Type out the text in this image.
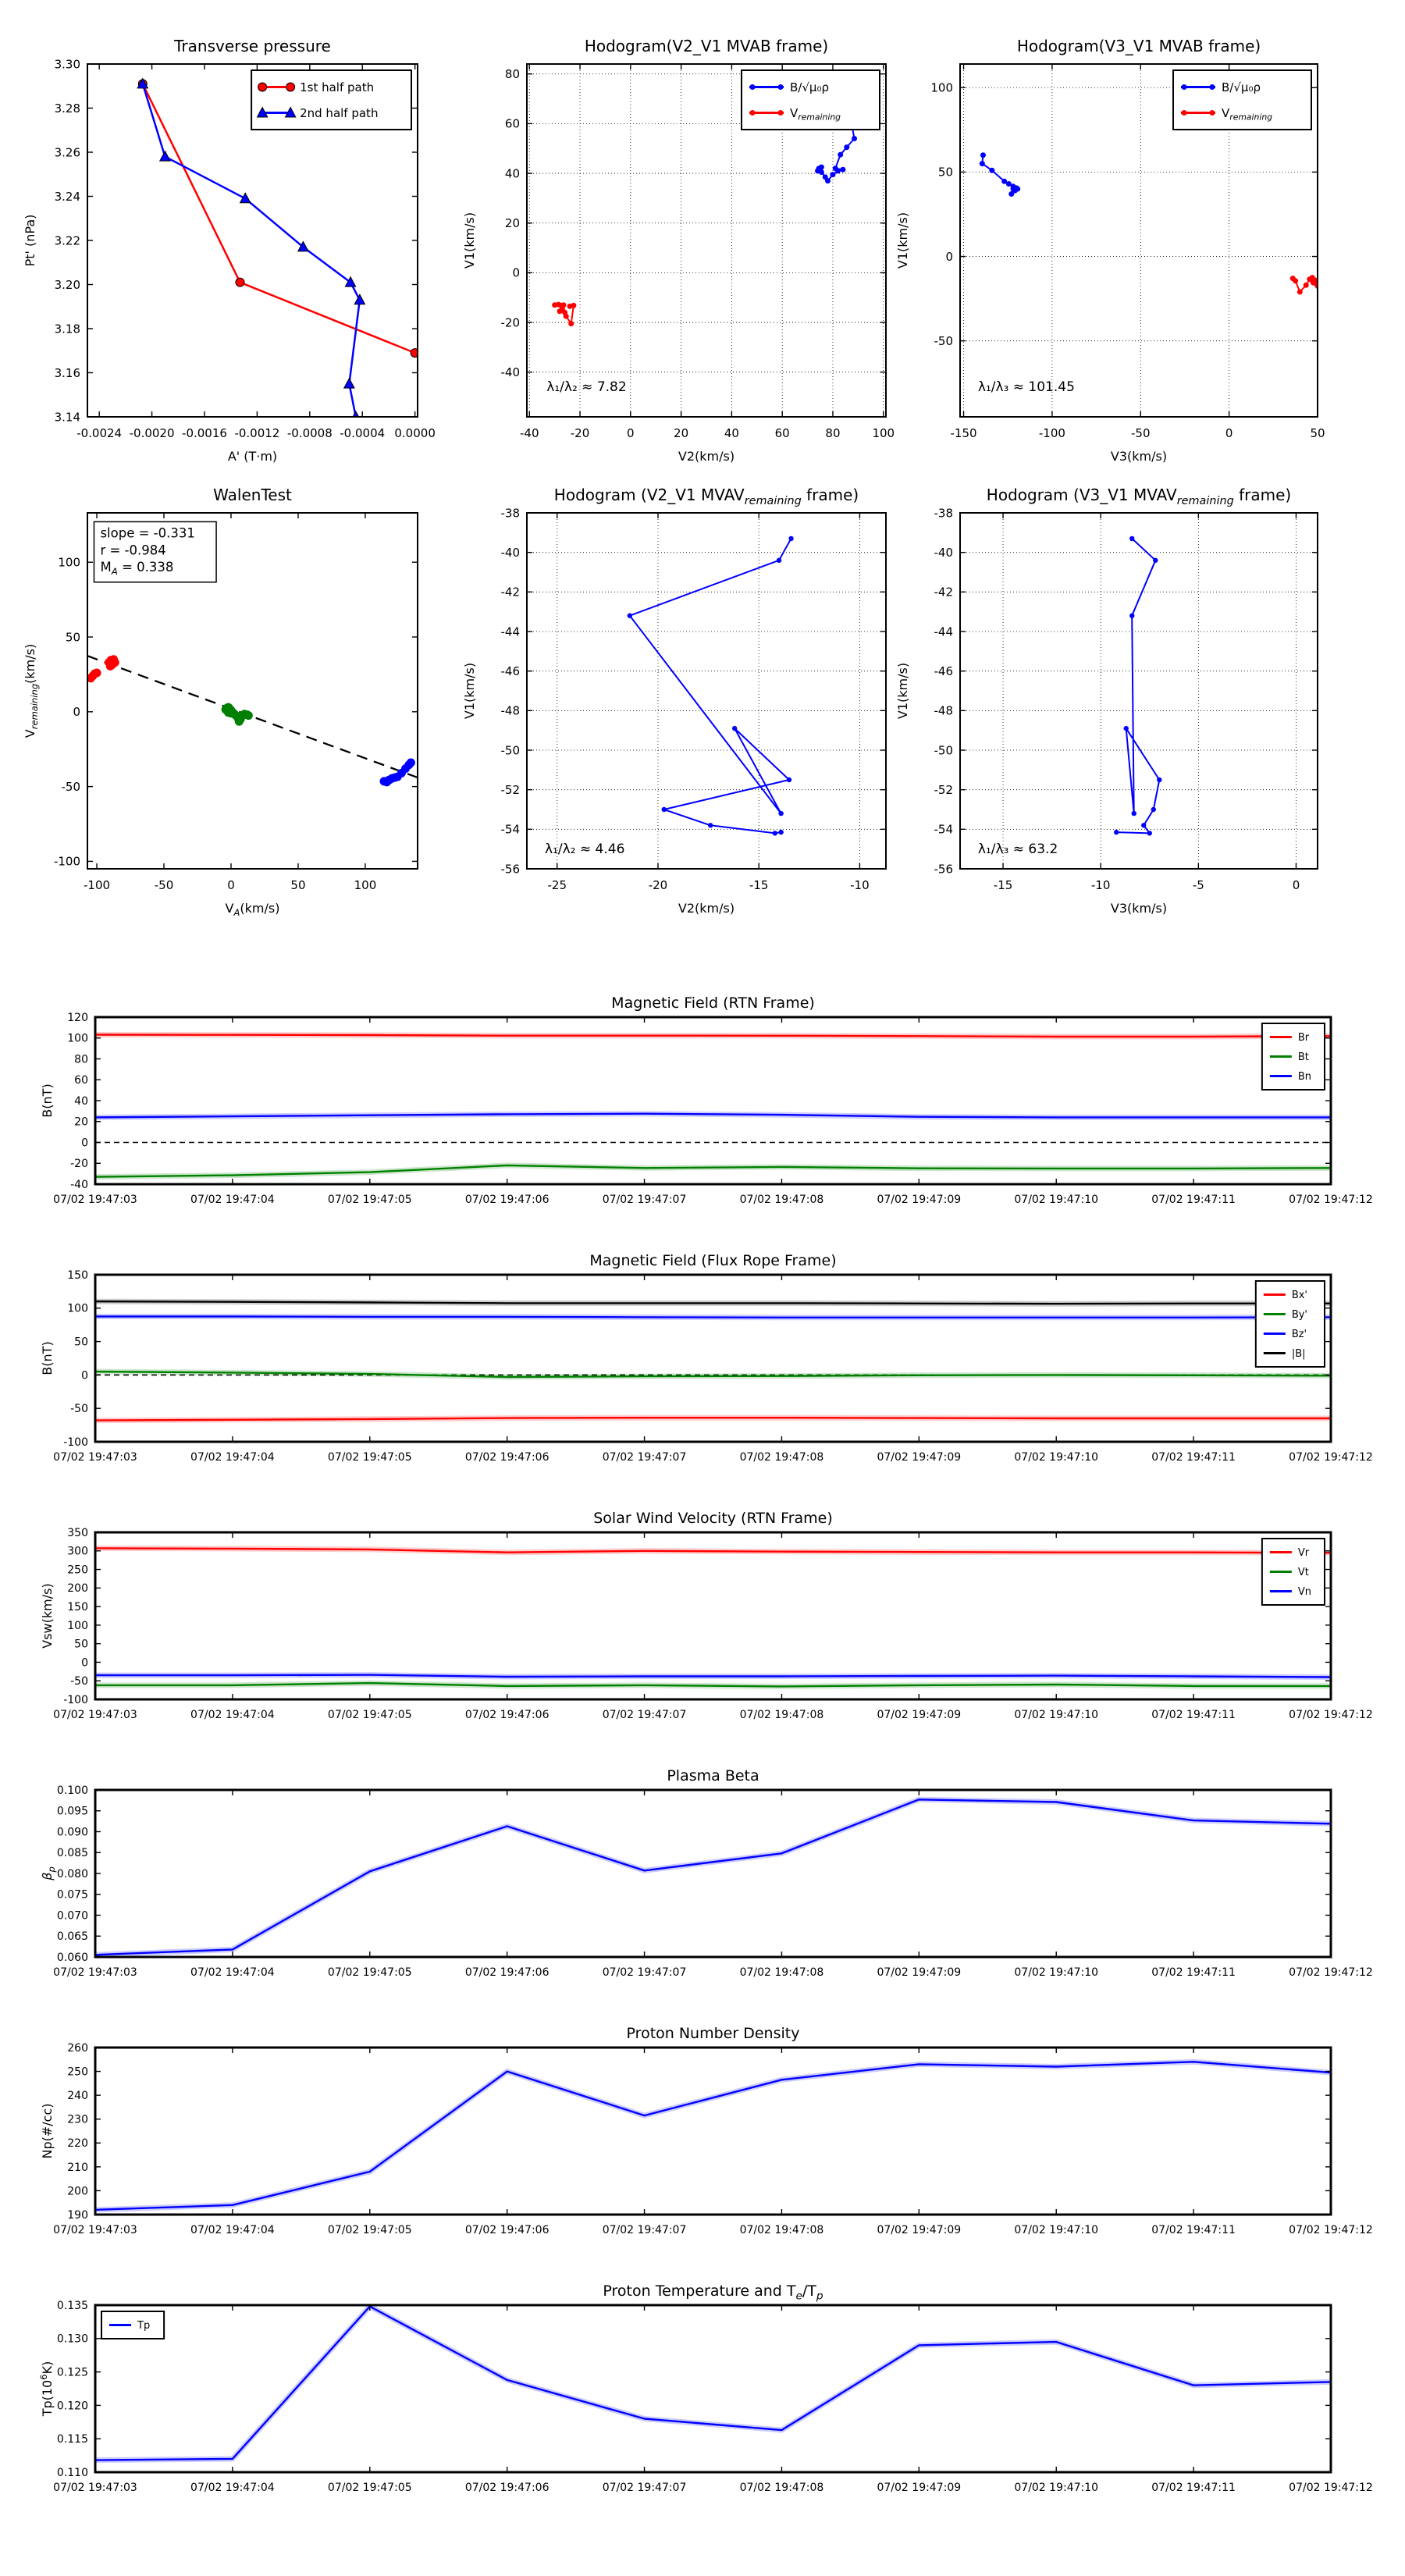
-0.0024 -0.0020 -0.0016 -0.0012 -0.0008 -0.0004 0.0000
3.14
3.16
3.18
3.20
3.22
3.24
3.26
3.28
3.30
Transverse pressure
A' (T·m)
Pt' (nPa)
1st half path
2nd half path
-40	-20	0	20	40	60	80	100
-40
-20
0
20
40
60
80
Hodogram(V2_V1 MVAB frame)
V2(km/s)
V1(km/s)
B/√μ₀ρ
$V_{remaining}$
λ₁/λ₂ ≈ 7.82
-150	-100	-50	0	50
-50
0
50
100
Hodogram(V3_V1 MVAB frame)
V3(km/s)
V1(km/s)
B/√μ₀ρ
$V_{remaining}$
λ₁/λ₃ ≈ 101.45
-100	-50	0	50	100
-100
-50
0
50
100
WalenTest
$V_A(km/s)$
$V_{remaining}(km/s)$
slope = -0.331
r = -0.984
$M_A = 0.338$
-25	-20	-15	-10
-56
-54
-52
-50
-48
-46
-44
-42
-40
-38
Hodogram (V2_V1 $MVAV_{remaining}$ frame)
V2(km/s)
V1(km/s)
λ₁/λ₂ ≈ 4.46
-15	-10	-5	0
-56
-54
-52
-50
-48
-46
-44
-42
-40
-38
Hodogram (V3_V1 $MVAV_{remaining}$ frame)
V3(km/s)
V1(km/s)
λ₁/λ₃ ≈ 63.2
07/02 19:47:03	07/02 19:47:04	07/02 19:47:05	07/02 19:47:06	07/02 19:47:07	07/02 19:47:08	07/02 19:47:09	07/02 19:47:10	07/02 19:47:11	07/02 19:47:12
-40
-20
0
20
40
60
80
100
120
Magnetic Field (RTN Frame)
B(nT)
Br
Bt
Bn
07/02 19:47:03	07/02 19:47:04	07/02 19:47:05	07/02 19:47:06	07/02 19:47:07	07/02 19:47:08	07/02 19:47:09	07/02 19:47:10	07/02 19:47:11	07/02 19:47:12
-100
-50
0
50
100
150
Magnetic Field (Flux Rope Frame)
B(nT)
Bx'
By'
Bz'
|B|
07/02 19:47:03	07/02 19:47:04	07/02 19:47:05	07/02 19:47:06	07/02 19:47:07	07/02 19:47:08	07/02 19:47:09	07/02 19:47:10	07/02 19:47:11	07/02 19:47:12
-100
-50
0
50
100
150
200
250
300
350
Solar Wind Velocity (RTN Frame)
Vsw(km/s)
Vr
Vt
Vn
07/02 19:47:03	07/02 19:47:04	07/02 19:47:05	07/02 19:47:06	07/02 19:47:07	07/02 19:47:08	07/02 19:47:09	07/02 19:47:10	07/02 19:47:11	07/02 19:47:12
0.060
0.065
0.070
0.075
0.080
0.085
0.090
0.095
0.100
Plasma Beta
$\beta_p$
07/02 19:47:03	07/02 19:47:04	07/02 19:47:05	07/02 19:47:06	07/02 19:47:07	07/02 19:47:08	07/02 19:47:09	07/02 19:47:10	07/02 19:47:11	07/02 19:47:12
190
200
210
220
230
240
250
260
Proton Number Density
Np(#/cc)
07/02 19:47:03	07/02 19:47:04	07/02 19:47:05	07/02 19:47:06	07/02 19:47:07	07/02 19:47:08	07/02 19:47:09	07/02 19:47:10	07/02 19:47:11	07/02 19:47:12
0.110
0.115
0.120
0.125
0.130
0.135
Proton Temperature and $T_e/T_p$
$Tp(10^6K)$
Tp
